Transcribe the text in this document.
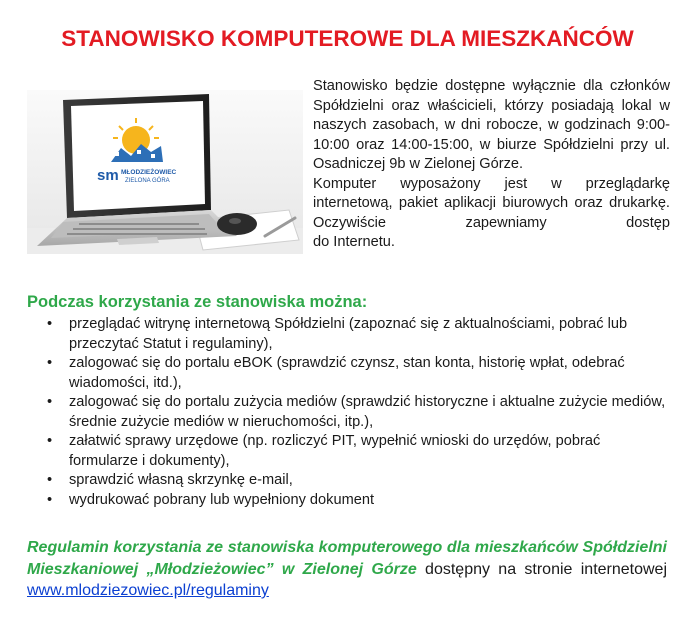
STANOWISKO KOMPUTEROWE DLA MIESZKAŃCÓW
sm MŁODZIEŻOWIEC
ZIELONA GÓRA

Stanowisko będzie dostępne wyłącznie dla członków Spółdzielni oraz właścicieli, którzy posiadają lokal w naszych zasobach, w dni robocze, w godzinach 9:00-10:00 oraz 14:00-15:00, w biurze Spółdzielni przy ul. Osadniczej 9b w Zielonej Górze.

Komputer wyposażony jest w przeglądarkę internetową, pakiet aplikacji biurowych oraz drukarkę. Oczywiście zapewniamy dostęp

do Internetu.

Podczas korzystania ze stanowiska można:
• przeglądać witrynę internetową Spółdzielni (zapoznać się z aktualnościami, pobrać lub przeczytać Statut i regulaminy),
• zalogować się do portalu eBOK (sprawdzić czynsz, stan konta, historię wpłat, odebrać wiadomości, itd.),
• zalogować się do portalu zużycia mediów (sprawdzić historyczne i aktualne zużycie mediów, średnie zużycie mediów w nieruchomości, itp.),
• załatwić sprawy urzędowe (np. rozliczyć PIT, wypełnić wnioski do urzędów, pobrać formularze i dokumenty),
• sprawdzić własną skrzynkę e-mail,
• wydrukować pobrany lub wypełniony dokument
Regulamin korzystania ze stanowiska komputerowego dla mieszkańców Spółdzielni Mieszkaniowej „Młodzieżowiec” w Zielonej Górze dostępny na stronie internetowej www.mlodziezowiec.pl/regulaminy
